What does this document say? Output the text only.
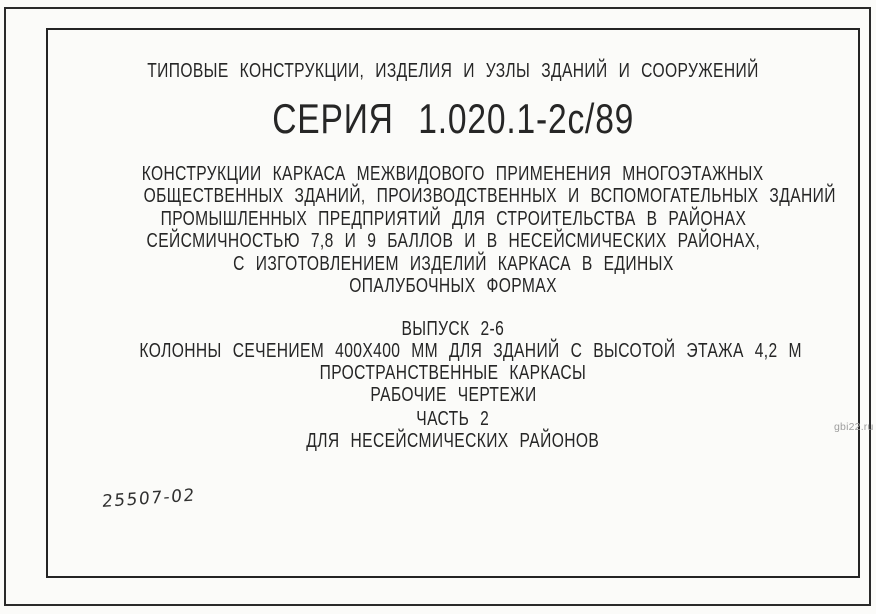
ТИПОВЫЕ КОНСТРУКЦИИ, ИЗДЕЛИЯ И УЗЛЫ ЗДАНИЙ И СООРУЖЕНИЙ
СЕРИЯ 1.020.1-2с/89
КОНСТРУКЦИИ КАРКАСА МЕЖВИДОВОГО ПРИМЕНЕНИЯ МНОГОЭТАЖНЫХ
ОБЩЕСТВЕННЫХ ЗДАНИЙ, ПРОИЗВОДСТВЕННЫХ И ВСПОМОГАТЕЛЬНЫХ ЗДАНИЙ
ПРОМЫШЛЕННЫХ ПРЕДПРИЯТИЙ ДЛЯ СТРОИТЕЛЬСТВА В РАЙОНАХ
СЕЙСМИЧНОСТЬЮ 7,8 И 9 БАЛЛОВ И В НЕСЕЙСМИЧЕСКИХ РАЙОНАХ,
С ИЗГОТОВЛЕНИЕМ ИЗДЕЛИЙ КАРКАСА В ЕДИНЫХ
ОПАЛУБОЧНЫХ ФОРМАХ
ВЫПУСК 2-6
КОЛОННЫ СЕЧЕНИЕМ 400X400 ММ ДЛЯ ЗДАНИЙ С ВЫСОТОЙ ЭТАЖА 4,2 М
ПРОСТРАНСТВЕННЫЕ КАРКАСЫ
РАБОЧИЕ ЧЕРТЕЖИ
ЧАСТЬ 2
ДЛЯ НЕСЕЙСМИЧЕСКИХ РАЙОНОВ
25507-02
gbi22.ru
